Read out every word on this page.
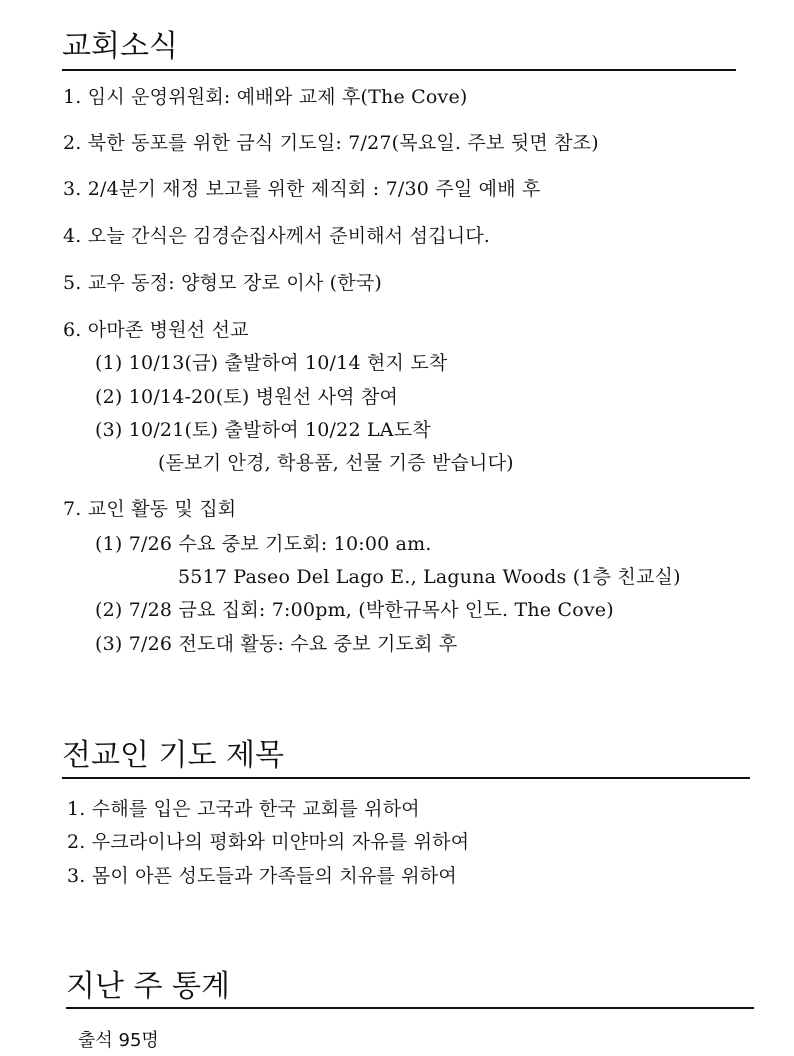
교회소식
1. 임시 운영위원회: 예배와 교제 후(The Cove)
2. 북한 동포를 위한 금식 기도일: 7/27(목요일. 주보 뒷면 참조)
3. 2/4분기 재정 보고를 위한 제직회 : 7/30 주일 예배 후
4. 오늘 간식은 김경순집사께서 준비해서 섬깁니다.
5. 교우 동정: 양형모 장로 이사 (한국)
6. 아마존 병원선 선교
(1) 10/13(금) 출발하여 10/14 현지 도착
(2) 10/14-20(토) 병원선 사역 참여
(3) 10/21(토) 출발하여 10/22 LA도착
(돋보기 안경, 학용품, 선물 기증 받습니다)
7. 교인 활동 및 집회
(1) 7/26 수요 중보 기도회: 10:00 am.
5517 Paseo Del Lago E., Laguna Woods (1층 친교실)
(2) 7/28 금요 집회: 7:00pm, (박한규목사 인도. The Cove)
(3) 7/26 전도대 활동: 수요 중보 기도회 후
전교인 기도 제목
1. 수해를 입은 고국과 한국 교회를 위하여
2. 우크라이나의 평화와 미얀마의 자유를 위하여
3. 몸이 아픈 성도들과 가족들의 치유를 위하여
지난 주 통계
출석 95명
